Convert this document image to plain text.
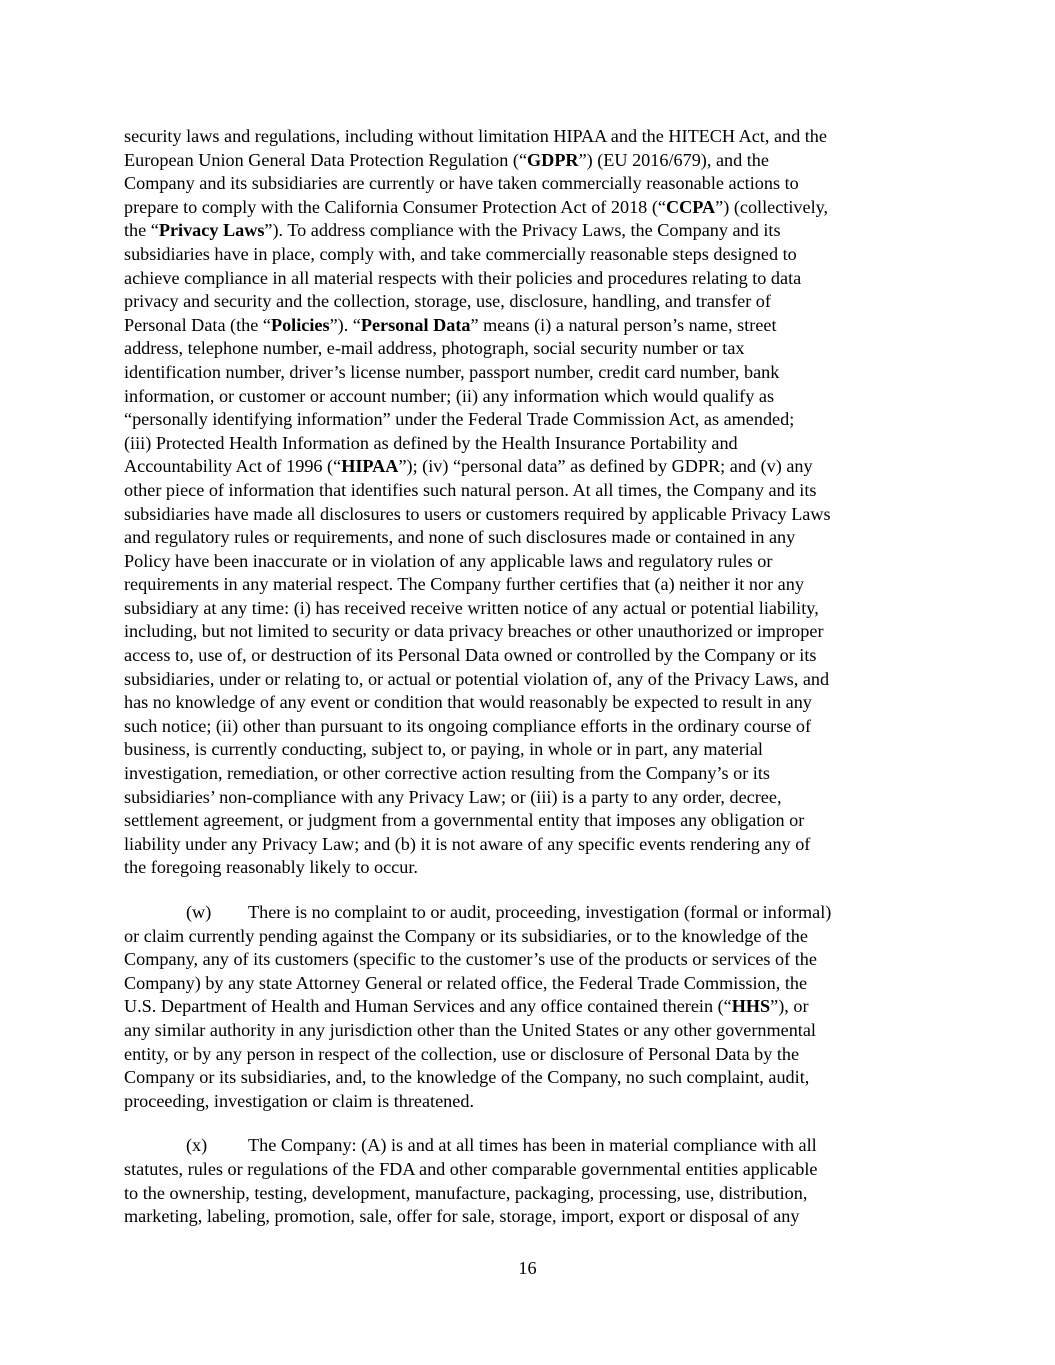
security laws and regulations, including without limitation HIPAA and the HITECH Act, and the
European Union General Data Protection Regulation (“GDPR”) (EU 2016/679), and the
Company and its subsidiaries are currently or have taken commercially reasonable actions to
prepare to comply with the California Consumer Protection Act of 2018 (“CCPA”) (collectively,
the “Privacy Laws”). To address compliance with the Privacy Laws, the Company and its
subsidiaries have in place, comply with, and take commercially reasonable steps designed to
achieve compliance in all material respects with their policies and procedures relating to data
privacy and security and the collection, storage, use, disclosure, handling, and transfer of
Personal Data (the “Policies”). “Personal Data” means (i) a natural person’s name, street
address, telephone number, e-mail address, photograph, social security number or tax
identification number, driver’s license number, passport number, credit card number, bank
information, or customer or account number; (ii) any information which would qualify as
“personally identifying information” under the Federal Trade Commission Act, as amended;
(iii) Protected Health Information as defined by the Health Insurance Portability and
Accountability Act of 1996 (“HIPAA”); (iv) “personal data” as defined by GDPR; and (v) any
other piece of information that identifies such natural person. At all times, the Company and its
subsidiaries have made all disclosures to users or customers required by applicable Privacy Laws
and regulatory rules or requirements, and none of such disclosures made or contained in any
Policy have been inaccurate or in violation of any applicable laws and regulatory rules or
requirements in any material respect. The Company further certifies that (a) neither it nor any
subsidiary at any time: (i) has received receive written notice of any actual or potential liability,
including, but not limited to security or data privacy breaches or other unauthorized or improper
access to, use of, or destruction of its Personal Data owned or controlled by the Company or its
subsidiaries, under or relating to, or actual or potential violation of, any of the Privacy Laws, and
has no knowledge of any event or condition that would reasonably be expected to result in any
such notice; (ii) other than pursuant to its ongoing compliance efforts in the ordinary course of
business, is currently conducting, subject to, or paying, in whole or in part, any material
investigation, remediation, or other corrective action resulting from the Company’s or its
subsidiaries’ non-compliance with any Privacy Law; or (iii) is a party to any order, decree,
settlement agreement, or judgment from a governmental entity that imposes any obligation or
liability under any Privacy Law; and (b) it is not aware of any specific events rendering any of
the foregoing reasonably likely to occur.
(w) There is no complaint to or audit, proceeding, investigation (formal or informal)
or claim currently pending against the Company or its subsidiaries, or to the knowledge of the
Company, any of its customers (specific to the customer’s use of the products or services of the
Company) by any state Attorney General or related office, the Federal Trade Commission, the
U.S. Department of Health and Human Services and any office contained therein (“HHS”), or
any similar authority in any jurisdiction other than the United States or any other governmental
entity, or by any person in respect of the collection, use or disclosure of Personal Data by the
Company or its subsidiaries, and, to the knowledge of the Company, no such complaint, audit,
proceeding, investigation or claim is threatened.
(x) The Company: (A) is and at all times has been in material compliance with all
statutes, rules or regulations of the FDA and other comparable governmental entities applicable
to the ownership, testing, development, manufacture, packaging, processing, use, distribution,
marketing, labeling, promotion, sale, offer for sale, storage, import, export or disposal of any
16
